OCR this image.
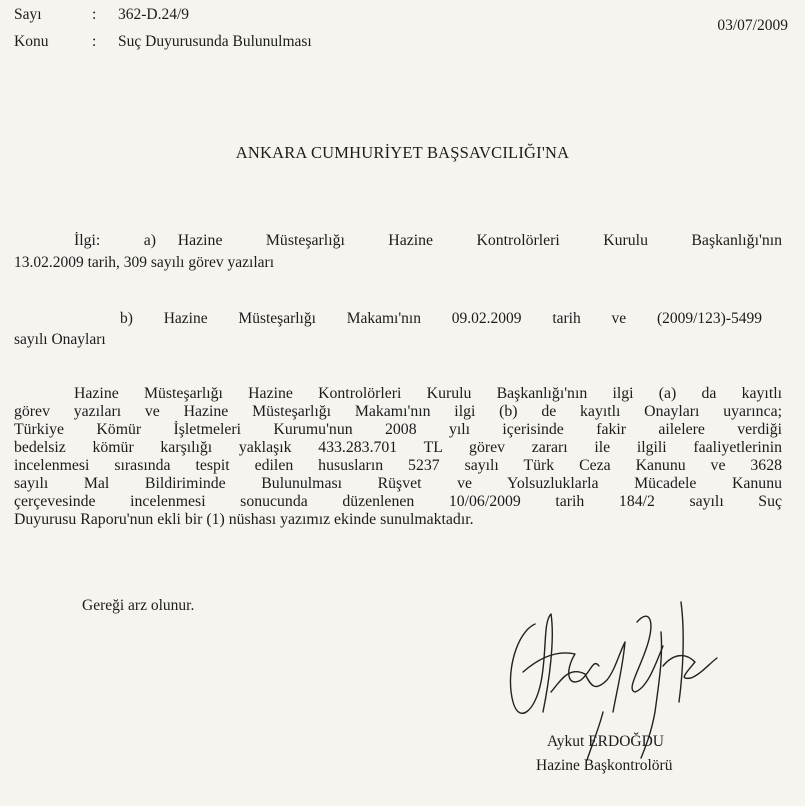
Sayı	: 362-D.24/9

Konu	: Suç Duyurusunda Bulunulması

03/07/2009

ANKARA CUMHURİYET BAŞSAVCILIĞI'NA

İlgi:  a) Hazine  Müsteşarlığı  Hazine  Kontrolörleri  Kurulu  Başkanlığı'nın

13.02.2009 tarih, 309 sayılı görev yazıları

b) Hazine Müsteşarlığı Makamı'nın 09.02.2009 tarih ve (2009/123)-5499

sayılı Onayları

Hazine Müsteşarlığı Hazine Kontrolörleri Kurulu Başkanlığı'nın ilgi (a) da kayıtlı

görev yazıları ve Hazine Müsteşarlığı Makamı'nın ilgi (b) de kayıtlı Onayları uyarınca;

Türkiye Kömür İşletmeleri Kurumu'nun 2008 yılı içerisinde fakir ailelere verdiği

bedelsiz kömür karşılığı yaklaşık 433.283.701 TL görev zararı ile ilgili faaliyetlerinin

incelenmesi sırasında tespit edilen hususların 5237 sayılı Türk Ceza Kanunu ve 3628

sayılı Mal Bildiriminde Bulunulması Rüşvet ve Yolsuzluklarla Mücadele Kanunu

çerçevesinde incelenmesi sonucunda düzenlenen 10/06/2009 tarih 184/2 sayılı Suç

Duyurusu Raporu'nun ekli bir (1) nüshası yazımız ekinde sunulmaktadır.

Gereği arz olunur.

Aykut ERDOĞDU

Hazine Başkontrolörü
